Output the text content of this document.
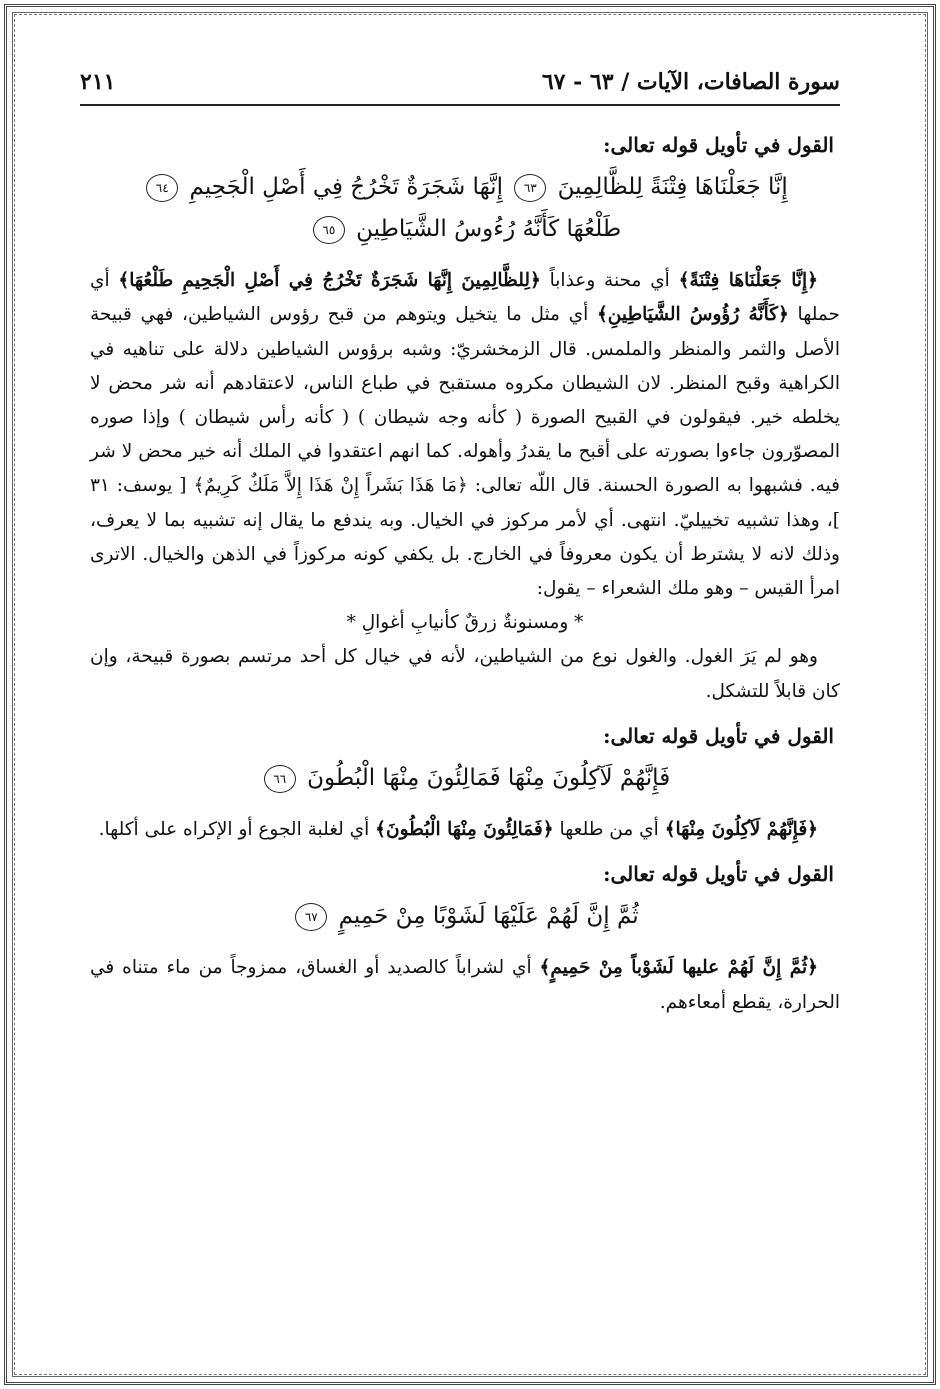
سورة الصافات، الآيات / ٦٣ - ٦٧
٢١١

القول في تأويل قوله تعالى:

إِنَّا جَعَلْنَاهَا فِتْنَةً لِلظَّالِمِينَ ٦٣ إِنَّهَا شَجَرَةٌ تَخْرُجُ فِي أَصْلِ الْجَحِيمِ ٦٤
طَلْعُهَا كَأَنَّهُ رُءُوسُ الشَّيَاطِينِ ٦٥

﴿إِنَّا جَعَلْنَاهَا فِتْنَةً﴾ أي محنة وعذاباً ﴿لِلظَّالِمِينَ إِنَّهَا شَجَرَةٌ تَخْرُجُ فِي أَصْلِ الْجَحِيمِ طَلْعُهَا﴾ أي حملها ﴿كَأَنَّهُ رُؤُوسُ الشَّيَاطِينِ﴾ أي مثل ما يتخيل ويتوهم من قبح رؤوس الشياطين، فهي قبيحة الأصل والثمر والمنظر والملمس. قال الزمخشريّ: وشبه برؤوس الشياطين دلالة على تناهيه في الكراهية وقبح المنظر. لان الشيطان مكروه مستقبح في طباع الناس، لاعتقادهم أنه شر محض لا يخلطه خير. فيقولون في القبيح الصورة ( كأنه وجه شيطان ) ( كأنه رأس شيطان ) وإذا صوره المصوّرون جاءوا بصورته على أقبح ما يقدرُ وأهوله. كما انهم اعتقدوا في الملك أنه خير محض لا شر فيه. فشبهوا به الصورة الحسنة. قال اللّه تعالى: ﴿مَا هَذَا بَشَراً إِنْ هَذَا إِلاَّ مَلَكٌ كَرِيمٌ﴾ [ يوسف: ٣١ ]، وهذا تشبيه تخييليّ. انتهى. أي لأمر مركوز في الخيال. وبه يندفع ما يقال إنه تشبيه بما لا يعرف، وذلك لانه لا يشترط أن يكون معروفاً في الخارج. بل يكفي كونه مركوزاً في الذهن والخيال. الاترى امرأ القيس – وهو ملك الشعراء – يقول:

* ومسنونةٌ زرقٌ كأنيابِ أغوالِ *

وهو لم يَرَ الغول. والغول نوع من الشياطين، لأنه في خيال كل أحد مرتسم بصورة قبيحة، وإن كان قابلاً للتشكل.

القول في تأويل قوله تعالى:

فَإِنَّهُمْ لَآكِلُونَ مِنْهَا فَمَالِئُونَ مِنْهَا الْبُطُونَ ٦٦

﴿فَإِنَّهُمْ لَآكِلُونَ مِنْهَا﴾ أي من طلعها ﴿فَمَالِئُونَ مِنْهَا الْبُطُونَ﴾ أي لغلبة الجوع أو الإكراه على أكلها.

القول في تأويل قوله تعالى:

ثُمَّ إِنَّ لَهُمْ عَلَيْهَا لَشَوْبًا مِنْ حَمِيمٍ ٦٧

﴿ثُمَّ إِنَّ لَهُمْ عليها لَشَوْباً مِنْ حَمِيمٍ﴾ أي لشراباً كالصديد أو الغساق، ممزوجاً من ماء متناه في الحرارة، يقطع أمعاءهم.
